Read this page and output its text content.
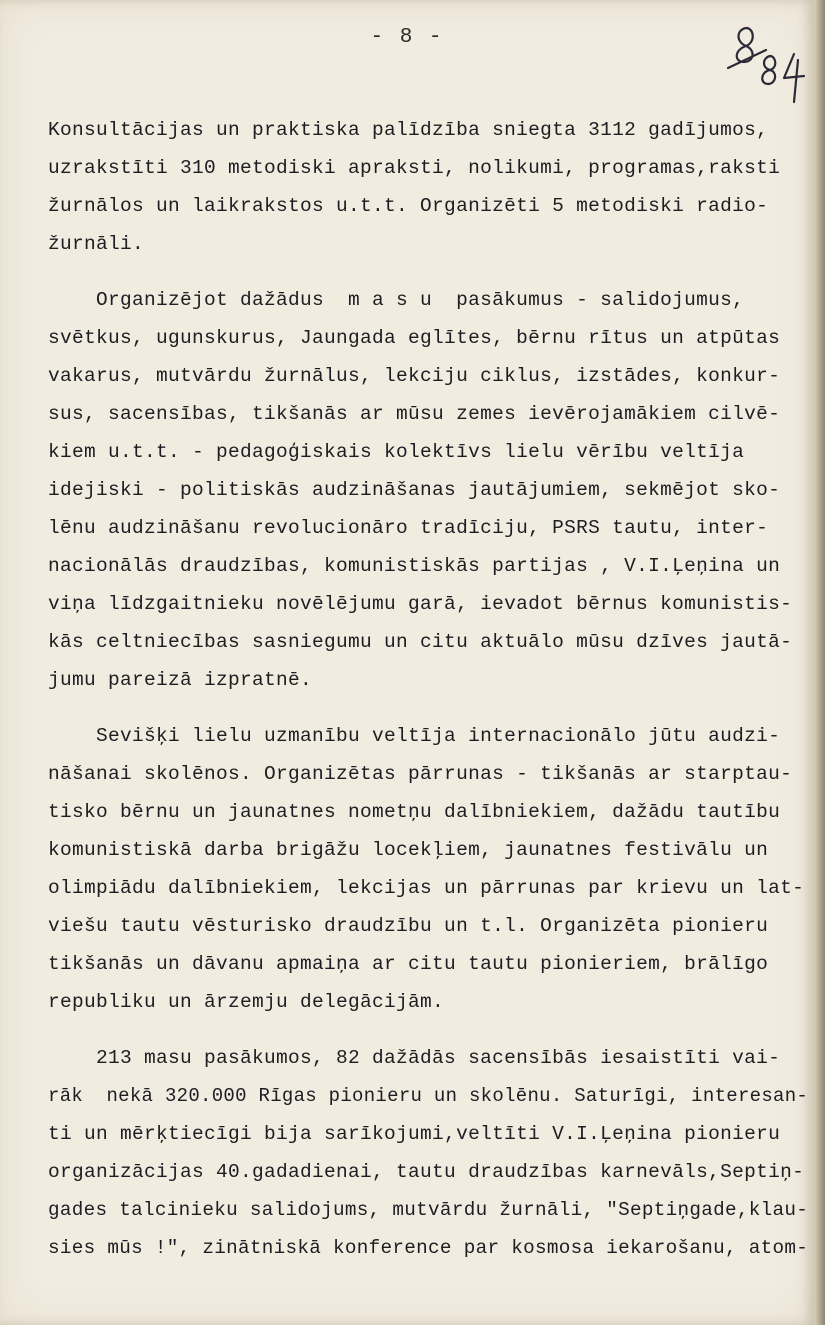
- 8 -
Konsultācijas un praktiska palīdzība sniegta 3112 gadījumos,
uzrakstīti 310 metodiski apraksti, nolikumi, programas,raksti
žurnālos un laikrakstos u.t.t. Organizēti 5 metodiski radio-
žurnāli.
Organizējot dažādus  m a s u  pasākumus - salidojumus,
svētkus, ugunskurus, Jaungada eglītes, bērnu rītus un atpūtas
vakarus, mutvārdu žurnālus, lekciju ciklus, izstādes, konkur-
sus, sacensības, tikšanās ar mūsu zemes ievērojamākiem cilvē-
kiem u.t.t. - pedagoģiskais kolektīvs lielu vērību veltīja
idejiski - politiskās audzināšanas jautājumiem, sekmējot sko-
lēnu audzināšanu revolucionāro tradīciju, PSRS tautu, inter-
nacionālās draudzības, komunistiskās partijas , V.I.Ļeņina un
viņa līdzgaitnieku novēlējumu garā, ievadot bērnus komunistis-
kās celtniecības sasniegumu un citu aktuālo mūsu dzīves jautā-
jumu pareizā izpratnē.
Sevišķi lielu uzmanību veltīja internacionālo jūtu audzi-
nāšanai skolēnos. Organizētas pārrunas - tikšanās ar starptau-
tisko bērnu un jaunatnes nometņu dalībniekiem, dažādu tautību
komunistiskā darba brigāžu locekļiem, jaunatnes festivālu un
olimpiādu dalībniekiem, lekcijas un pārrunas par krievu un lat-
viešu tautu vēsturisko draudzību un t.l. Organizēta pionieru
tikšanās un dāvanu apmaiņa ar citu tautu pionieriem, brālīgo
republiku un ārzemju delegācijām.
213 masu pasākumos, 82 dažādās sacensībās iesaistīti vai-
rāk  nekā 320.000 Rīgas pionieru un skolēnu. Saturīgi, interesan-
ti un mērķtiecīgi bija sarīkojumi,veltīti V.I.Ļeņina pionieru
organizācijas 40.gadadienai, tautu draudzības karnevāls,Septiņ-
gades talcinieku salidojums, mutvārdu žurnāli, "Septiņgade,klau-
sies mūs !", zinātniskā konference par kosmosa iekarošanu, atom-
